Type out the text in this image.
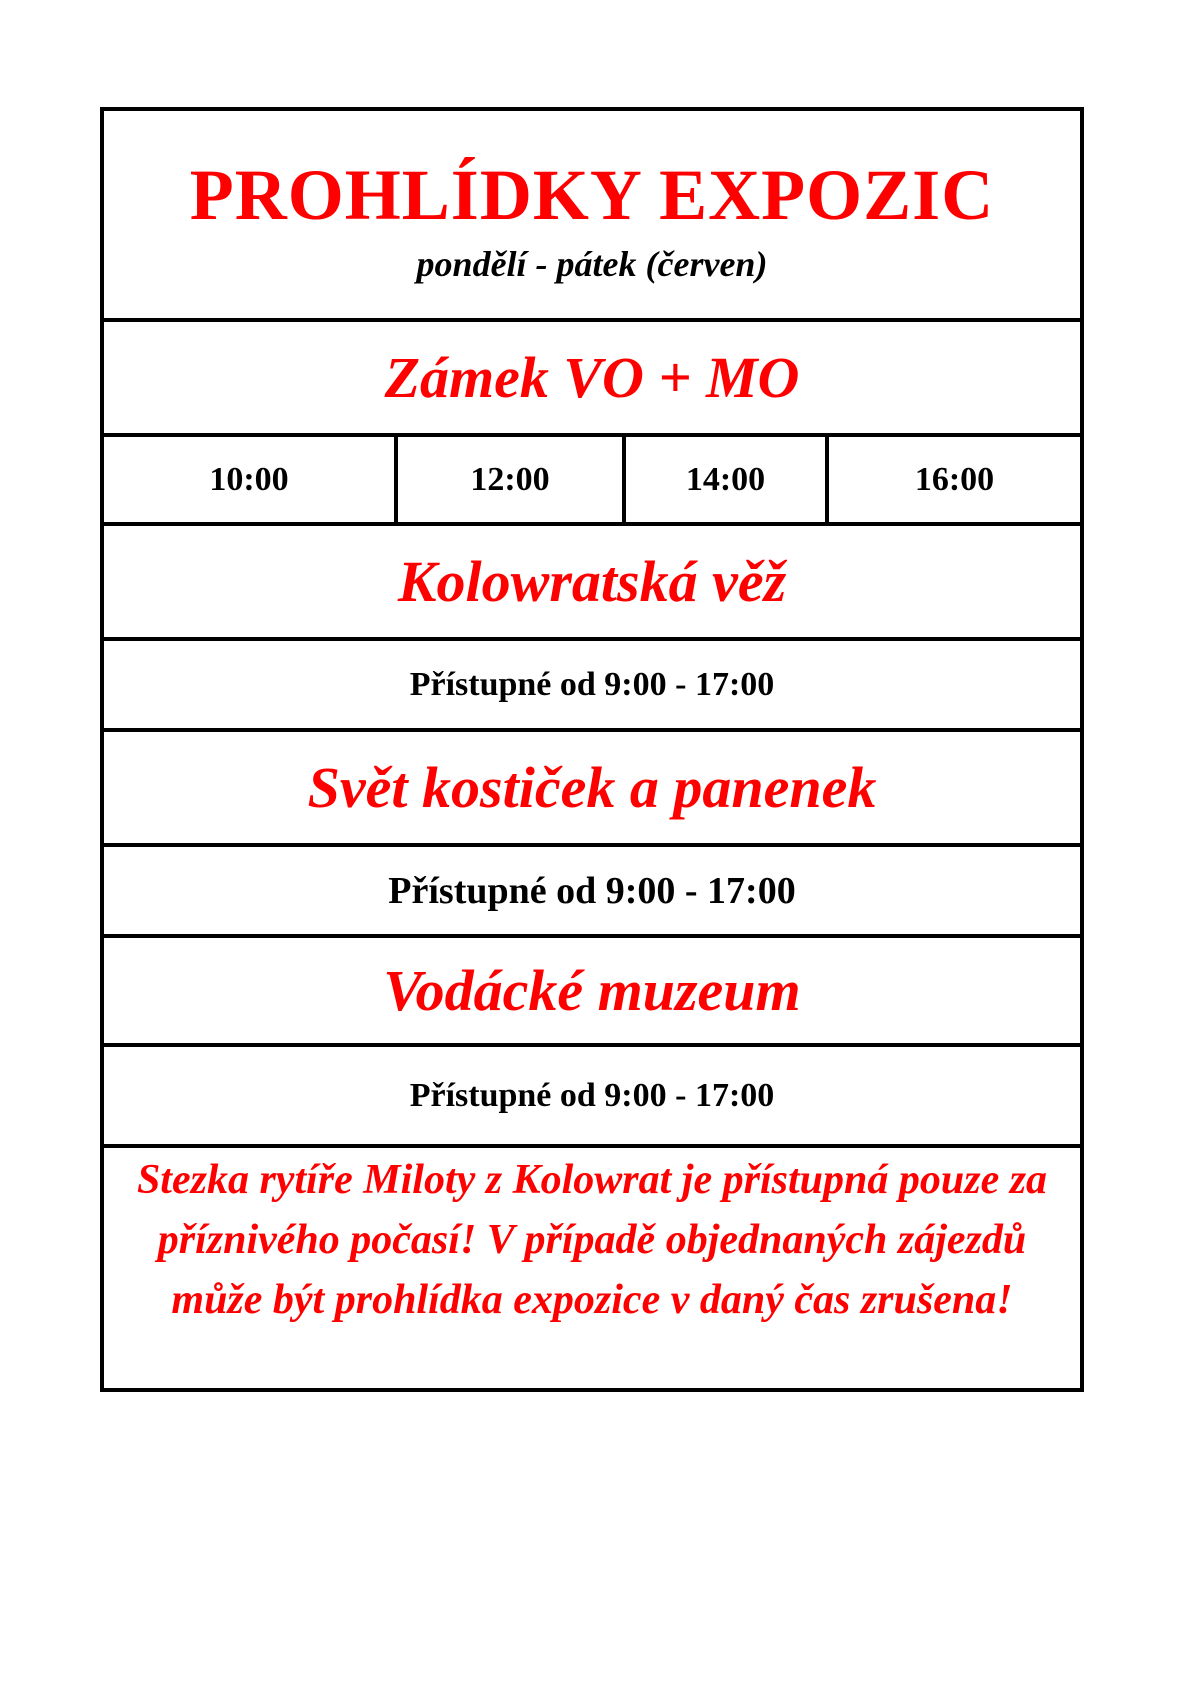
PROHLÍDKY EXPOZIC
pondělí - pátek (červen)
Zámek VO + MO
10:00	12:00	14:00	16:00
Kolowratská věž
Přístupné od 9:00 - 17:00
Svět kostiček a panenek
Přístupné od 9:00 - 17:00
Vodácké muzeum
Přístupné od 9:00 - 17:00
Stezka rytíře Miloty z Kolowrat je přístupná pouze za příznivého počasí! V případě objednaných zájezdů může být prohlídka expozice v daný čas zrušena!
